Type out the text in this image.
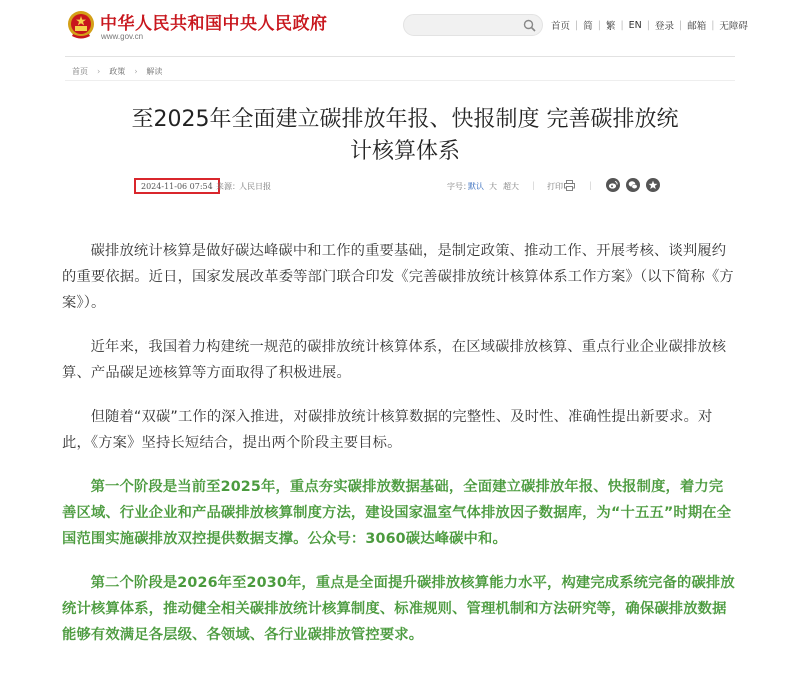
中华人民共和国中央人民政府
www.gov.cn
首页 | 简 | 繁 | EN | 登录 | 邮箱 | 无障碍
首页 › 政策 › 解读
至2025年全面建立碳排放年报、快报制度 完善碳排放统
计核算体系
2024-11-06 07:54 来源： 人民日报	字号：
默认 大 超大 | 打印	|

碳排放统计核算是做好碳达峰碳中和工作的重要基础，是制定政策、推动工作、开展考核、谈判履约的重要依据。近日，国家发展改革委等部门联合印发《完善碳排放统计核算体系工作方案》（以下简称《方案》）。

近年来，我国着力构建统一规范的碳排放统计核算体系，在区域碳排放核算、重点行业企业碳排放核算、产品碳足迹核算等方面取得了积极进展。

但随着“双碳”工作的深入推进，对碳排放统计核算数据的完整性、及时性、准确性提出新要求。对此，《方案》坚持长短结合，提出两个阶段主要目标。

第一个阶段是当前至2025年，重点夯实碳排放数据基础，全面建立碳排放年报、快报制度，着力完善区域、行业企业和产品碳排放核算制度方法，建设国家温室气体排放因子数据库，为“十五五”时期在全国范围实施碳排放双控提供数据支撑。公众号：3060碳达峰碳中和。

第二个阶段是2026年至2030年，重点是全面提升碳排放核算能力水平，构建完成系统完备的碳排放统计核算体系，推动健全相关碳排放统计核算制度、标准规则、管理机制和方法研究等，确保碳排放数据能够有效满足各层级、各领域、各行业碳排放管控要求。
